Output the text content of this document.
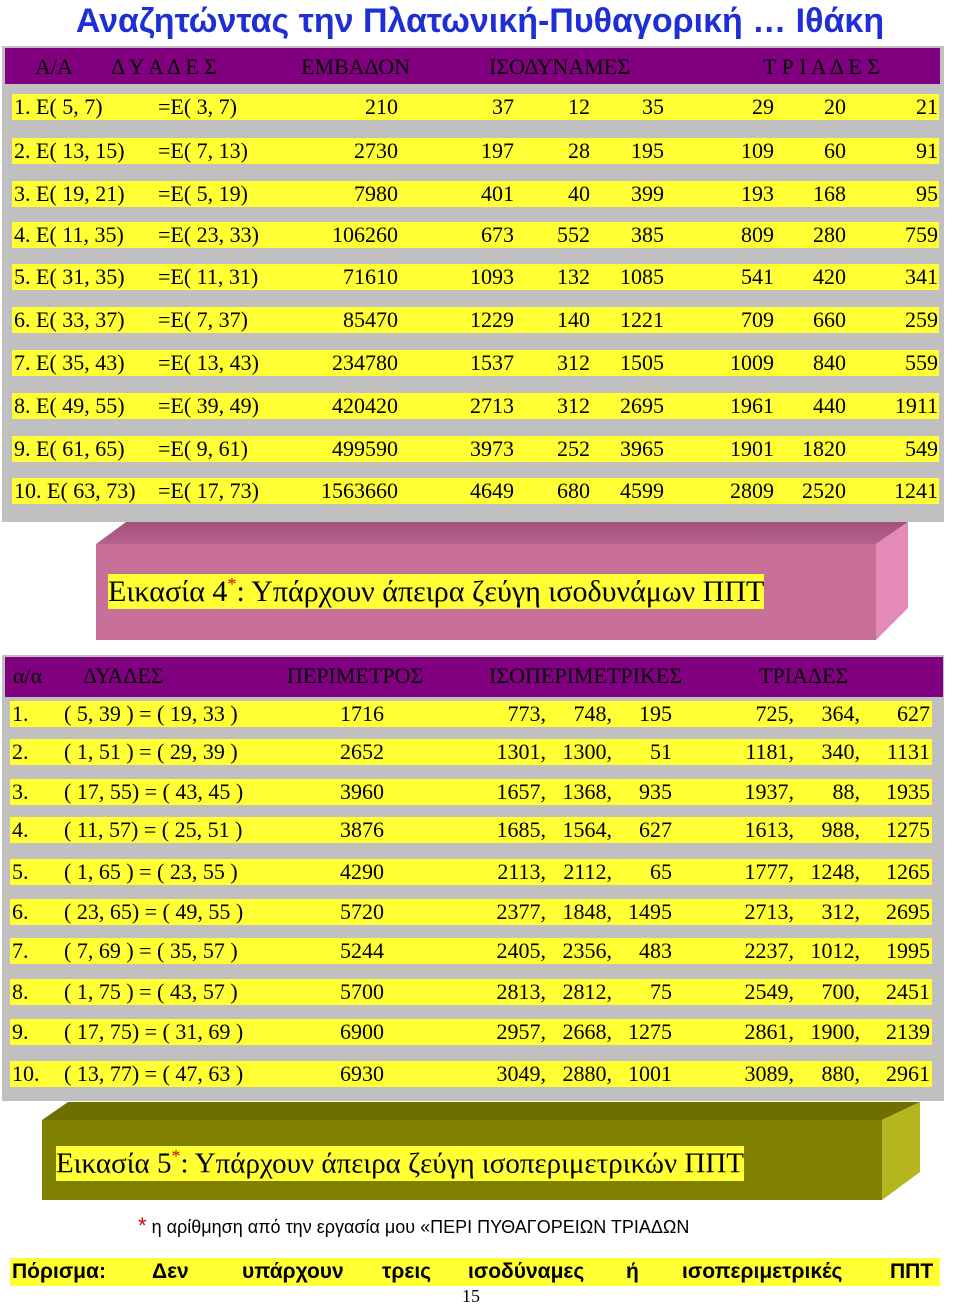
Αναζητώντας την Πλατωνική-Πυθαγορική … Ιθάκη
Α/Α Δ Υ Α Δ Ε Σ	ΕΜΒΑΔΟΝ	ΙΣΟΔΥΝΑΜΕΣ	Τ Ρ Ι Α Δ Ε Σ
1. Ε( 5, 7)	=Ε( 3, 7)	210	37	12	35	29	20	21
2. Ε( 13, 15) =Ε( 7, 13)	2730	197	28	195	109	60	91
3. Ε( 19, 21) =Ε( 5, 19)	7980	401	40	399	193	168	95
4. Ε( 11, 35) =Ε( 23, 33)	106260	673	552	385	809	280	759
5. Ε( 31, 35) =Ε( 11, 31)	71610	1093	132	1085	541	420	341
6. Ε( 33, 37) =Ε( 7, 37)	85470	1229	140	1221	709	660	259
7. Ε( 35, 43) =Ε( 13, 43)	234780	1537	312	1505	1009	840	559
8. Ε( 49, 55) =Ε( 39, 49)	420420	2713	312	2695	1961	440	1911
9. Ε( 61, 65) =Ε( 9, 61)	499590	3973	252	3965	1901	1820	549
10. Ε( 63, 73) =Ε( 17, 73)	1563660	4649	680	4599	2809	2520	1241
Εικασία 4*: Υπάρχουν άπειρα ζεύγη ισοδυνάμων ΠΠΤ
α/α ΔΥΑΔΕΣ	ΠΕΡΙΜΕΤΡΟΣ	ΙΣΟΠΕΡΙΜΕΤΡΙΚΕΣ	ΤΡΙΑΔΕΣ
1.	( 5, 39 ) = ( 19, 33 )	1716	773,	748,	195	725,	364,	627
2.	( 1, 51 ) = ( 29, 39 )	2652	1301, 1300,	51	1181,	340,	1131
3.	( 17, 55) = ( 43, 45 )	3960	1657, 1368,	935	1937,	88,	1935
4.	( 11, 57) = ( 25, 51 )	3876	1685, 1564,	627	1613,	988,	1275
5.	( 1, 65 ) = ( 23, 55 )	4290	2113, 2112,	65	1777, 1248,	1265
6.	( 23, 65) = ( 49, 55 )	5720	2377, 1848, 1495	2713,	312,	2695
7.	( 7, 69 ) = ( 35, 57 )	5244	2405, 2356,	483	2237, 1012,	1995
8.	( 1, 75 ) = ( 43, 57 )	5700	2813, 2812,	75	2549,	700,	2451
9.	( 17, 75) = ( 31, 69 )	6900	2957, 2668, 1275	2861, 1900,	2139
10.	( 13, 77) = ( 47, 63 )	6930	3049, 2880, 1001	3089,	880,	2961
Εικασία 5*: Υπάρχουν άπειρα ζεύγη ισοπεριμετρικών ΠΠΤ
* η αρίθμηση από την εργασία μου «ΠΕΡΙ ΠΥΘΑΓΟΡΕΙΩΝ ΤΡΙΑΔΩΝ
Πόρισμα: Δεν	υπάρχουν τρεις ισοδύναμες ή ισοπεριμετρικές ΠΠΤ
15
